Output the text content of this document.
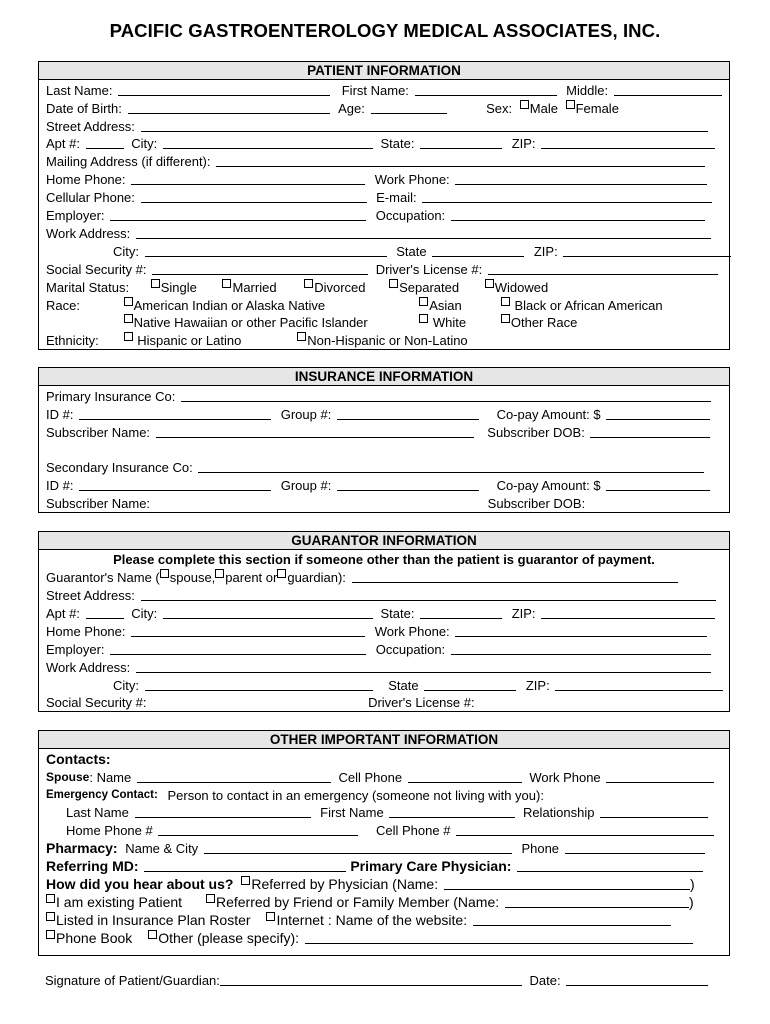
PACIFIC GASTROENTEROLOGY MEDICAL ASSOCIATES, INC.
PATIENT INFORMATION
Last Name:	First Name:	Middle:
Date of Birth:	Age:	Sex: Male Female
Street Address:
Apt #:	City:	State:	ZIP:
Mailing Address (if different):
Home Phone:	Work Phone:
Cellular Phone:	E-mail:
Employer:	Occupation:
Work Address:
City:	State	ZIP:
Social Security #:	Driver's License #:
Marital Status: Single	Married	Divorced	Separated	Widowed
Race:	American Indian or Alaska Native	Asian	Black or African American
Native Hawaiian or other Pacific Islander	White	Other Race
Ethnicity:	Hispanic or Latino	Non-Hispanic or Non-Latino
INSURANCE INFORMATION
Primary Insurance Co:
ID #:	Group #:	Co-pay Amount: $
Subscriber Name:	Subscriber DOB:
Secondary Insurance Co:
ID #:	Group #:	Co-pay Amount: $
Subscriber Name:	Subscriber DOB:
GUARANTOR INFORMATION
Please complete this section if someone other than the patient is guarantor of payment.
Guarantor's Name ( spouse,parent orguardian):
Street Address:
Apt #:	City:	State:	ZIP:
Home Phone:	Work Phone:
Employer:	Occupation:
Work Address:
City:	State	ZIP:
Social Security #:	Driver's License #:
OTHER IMPORTANT INFORMATION
Contacts:
Spouse: Name	Cell Phone	Work Phone
Emergency Contact: Person to contact in an emergency (someone not living with you):
Last Name	First Name	Relationship
Home Phone #	Cell Phone #
Pharmacy: Name & City	Phone
Referring MD:	Primary Care Physician:
How did you hear about us? Referred by Physician (Name:	)
I am existing Patient Referred by Friend or Family Member (Name:	)
Listed in Insurance Plan Roster Internet : Name of the website:
Phone Book Other (please specify):
Signature of Patient/Guardian:	Date:
